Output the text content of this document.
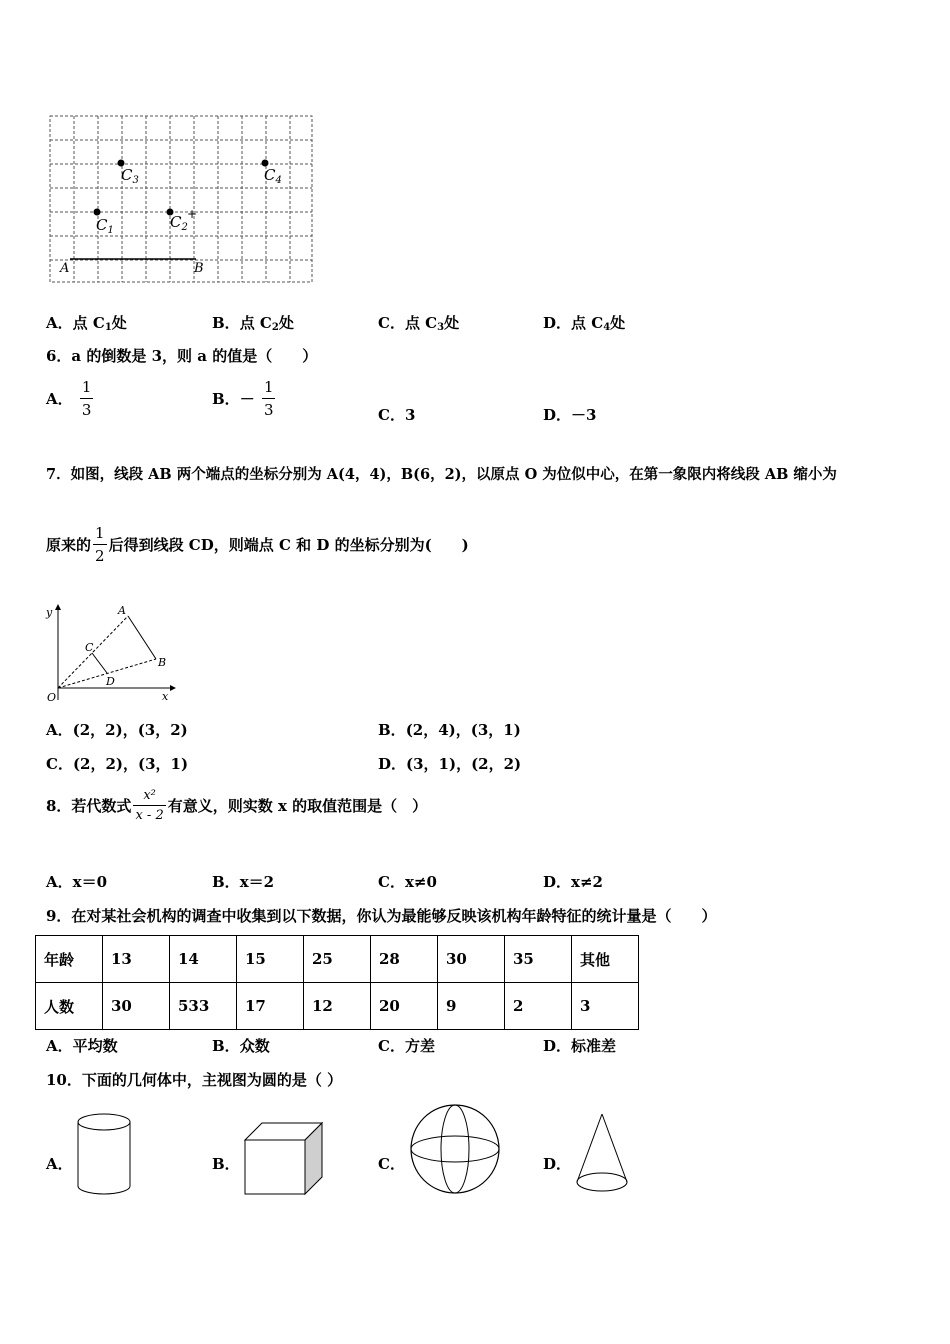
$C_1$	$C_2$
$C_3$	$C_4$
A	B
+
A．点 $C_1$处	B．点 $C_2$处	C．点 $C_3$处	D．点 $C_4$处
6．a 的倒数是 3，则 a 的值是（　　）
A． $\frac{1}{3}$	B．－ $\frac{1}{3}$	C．3	D．－3
7．如图，线段 AB 两个端点的坐标分别为 A(4，4)，B(6，2)，以原点 O 为位似中心，在第一象限内将线段 AB 缩小为
原来的 $\frac{1}{2}$ 后得到线段 CD，则端点 C 和 D 的坐标分别为(　　)
y
x
O
A
B
C
D
A．(2，2)，(3，2)	B．(2，4)，(3，1)
C．(2，2)，(3，1)	D．(3，1)，(2，2)
8．若代数式 $\frac{\text{x²}}{x - 2}$ 有意义，则实数 x 的取值范围是（　）
A．x＝0	B．x＝2	C．x≠0	D．x≠2
9．在对某社会机构的调查中收集到以下数据，你认为最能够反映该机构年龄特征的统计量是（　　）
年龄	13	14	15	25	28	30	35	其他
人数	30	533	17	12	20	9	2	3
A．平均数	B．众数	C．方差	D．标准差
10．下面的几何体中，主视图为圆的是（ ）
A．	B．	C．	D．
